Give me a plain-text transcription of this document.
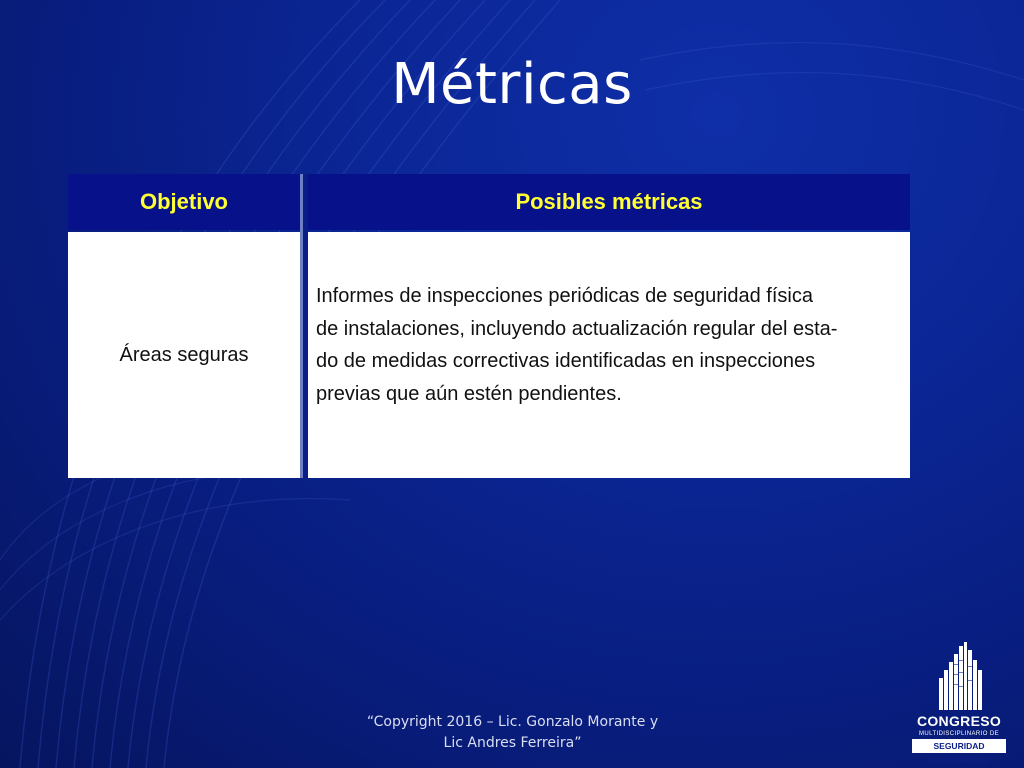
Métricas
Objetivo
Áreas seguras
Posibles métricas
Informes de inspecciones periódicas de seguridad física
de instalaciones, incluyendo actualización regular del esta-
do de medidas correctivas identificadas en inspecciones
previas que aún estén pendientes.
“Copyright 2016 – Lic. Gonzalo Morante y
Lic Andres Ferreira”
CONGRESO
MULTIDISCIPLINARIO DE
SEGURIDAD CORPORATIVA
